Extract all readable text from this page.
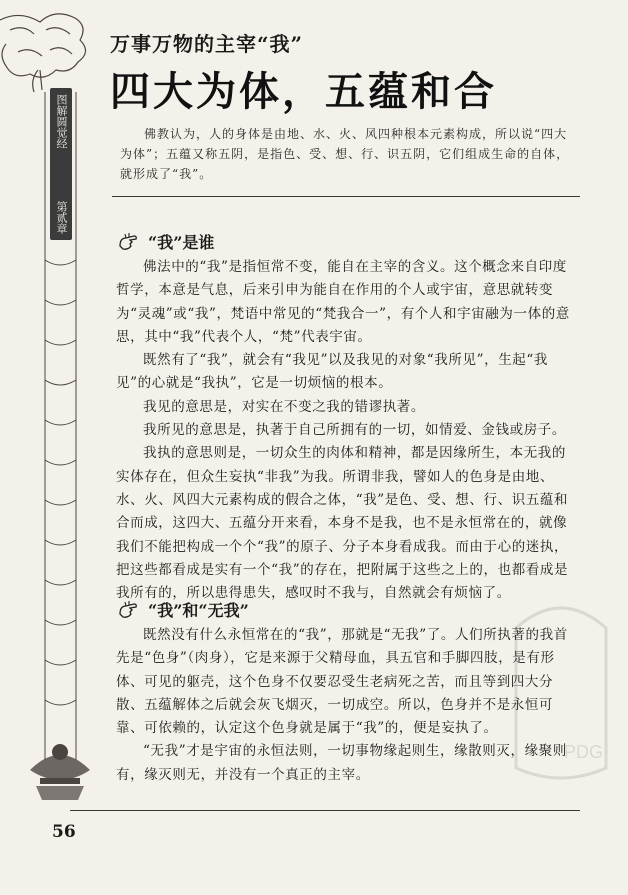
图解圆觉经
第贰章
万事万物的主宰“我”
四大为体，五蕴和合
佛教认为，人的身体是由地、水、火、风四种根本元素构成，所以说“四大为体”；五蕴又称五阴，是指色、受、想、行、识五阴，它们组成生命的自体，就形成了“我”。
“我”是谁

佛法中的“我”是指恒常不变，能自在主宰的含义。这个概念来自印度哲学，本意是气息，后来引申为能自在作用的个人或宇宙，意思就转变为“灵魂”或“我”，梵语中常见的“梵我合一”，有个人和宇宙融为一体的意思，其中“我”代表个人，“梵”代表宇宙。

既然有了“我”，就会有“我见”以及我见的对象“我所见”，生起“我见”的心就是“我执”，它是一切烦恼的根本。

我见的意思是，对实在不变之我的错谬执著。

我所见的意思是，执著于自己所拥有的一切，如情爱、金钱或房子。

我执的意思则是，一切众生的肉体和精神，都是因缘所生，本无我的实体存在，但众生妄执“非我”为我。所谓非我，譬如人的色身是由地、水、火、风四大元素构成的假合之体，“我”是色、受、想、行、识五蕴和合而成，这四大、五蕴分开来看，本身不是我，也不是永恒常在的，就像我们不能把构成一个个“我”的原子、分子本身看成我。而由于心的迷执，把这些都看成是实有一个“我”的存在，把附属于这些之上的，也都看成是我所有的，所以患得患失，感叹时不我与，自然就会有烦恼了。

“我”和“无我”

既然没有什么永恒常在的“我”，那就是“无我”了。人们所执著的我首先是“色身”（肉身），它是来源于父精母血，具五官和手脚四肢，是有形体、可见的躯壳，这个色身不仅要忍受生老病死之苦，而且等到四大分散、五蕴解体之后就会灰飞烟灭，一切成空。所以，色身并不是永恒可靠、可依赖的，认定这个色身就是属于“我”的，便是妄执了。

“无我”才是宇宙的永恒法则，一切事物缘起则生，缘散则灭，缘聚则有，缘灭则无，并没有一个真正的主宰。

56
PDG
